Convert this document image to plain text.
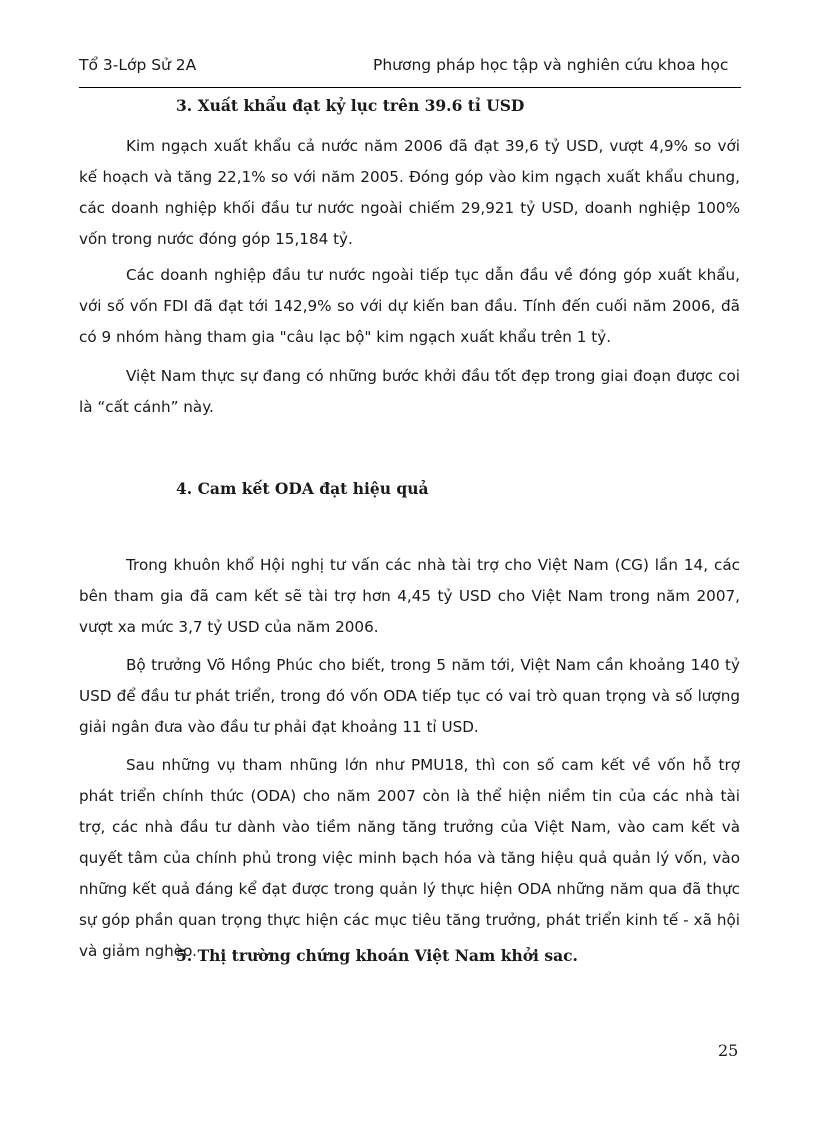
Tổ 3-Lớp Sử 2A	Phương pháp học tập và nghiên cứu khoa học
3. Xuất khẩu đạt kỷ lục trên 39.6 tỉ USD

Kim ngạch xuất khẩu cả nước năm 2006 đã đạt 39,6 tỷ USD, vượt 4,9% so với kế hoạch và tăng 22,1% so với năm 2005. Đóng góp vào kim ngạch xuất khẩu chung, các doanh nghiệp khối đầu tư nước ngoài chiếm 29,921 tỷ USD, doanh nghiệp 100% vốn trong nước đóng góp 15,184 tỷ.

Các doanh nghiệp đầu tư nước ngoài tiếp tục dẫn đầu về đóng góp xuất khẩu, với số vốn FDI đã đạt tới 142,9% so với dự kiến ban đầu. Tính đến cuối năm 2006, đã có 9 nhóm hàng tham gia "câu lạc bộ" kim ngạch xuất khẩu trên 1 tỷ.

Việt Nam thực sự đang có những bước khởi đầu tốt đẹp trong giai đoạn được coi là “cất cánh” này.

4. Cam kết ODA đạt hiệu quả

Trong khuôn khổ Hội nghị tư vấn các nhà tài trợ cho Việt Nam (CG) lần 14, các bên tham gia đã cam kết sẽ tài trợ hơn 4,45 tỷ USD cho Việt Nam trong năm 2007, vượt xa mức 3,7 tỷ USD của năm 2006.

Bộ trưởng Võ Hồng Phúc cho biết, trong 5 năm tới, Việt Nam cần khoảng 140 tỷ USD để đầu tư phát triển, trong đó vốn ODA tiếp tục có vai trò quan trọng và số lượng giải ngân đưa vào đầu tư phải đạt khoảng 11 tỉ USD.

Sau những vụ tham nhũng lớn như PMU18, thì con số cam kết về vốn hỗ trợ phát triển chính thức (ODA) cho năm 2007 còn là thể hiện niềm tin của các nhà tài trợ, các nhà đầu tư dành vào tiềm năng tăng trưởng của Việt Nam, vào cam kết và quyết tâm của chính phủ trong việc minh bạch hóa và tăng hiệu quả quản lý vốn, vào những kết quả đáng kể đạt được trong quản lý thực hiện ODA những năm qua đã thực sự góp phần quan trọng thực hiện các mục tiêu tăng trưởng, phát triển kinh tế - xã hội và giảm nghèo.

5. Thị trường chứng khoán Việt Nam khởi sac.
25
